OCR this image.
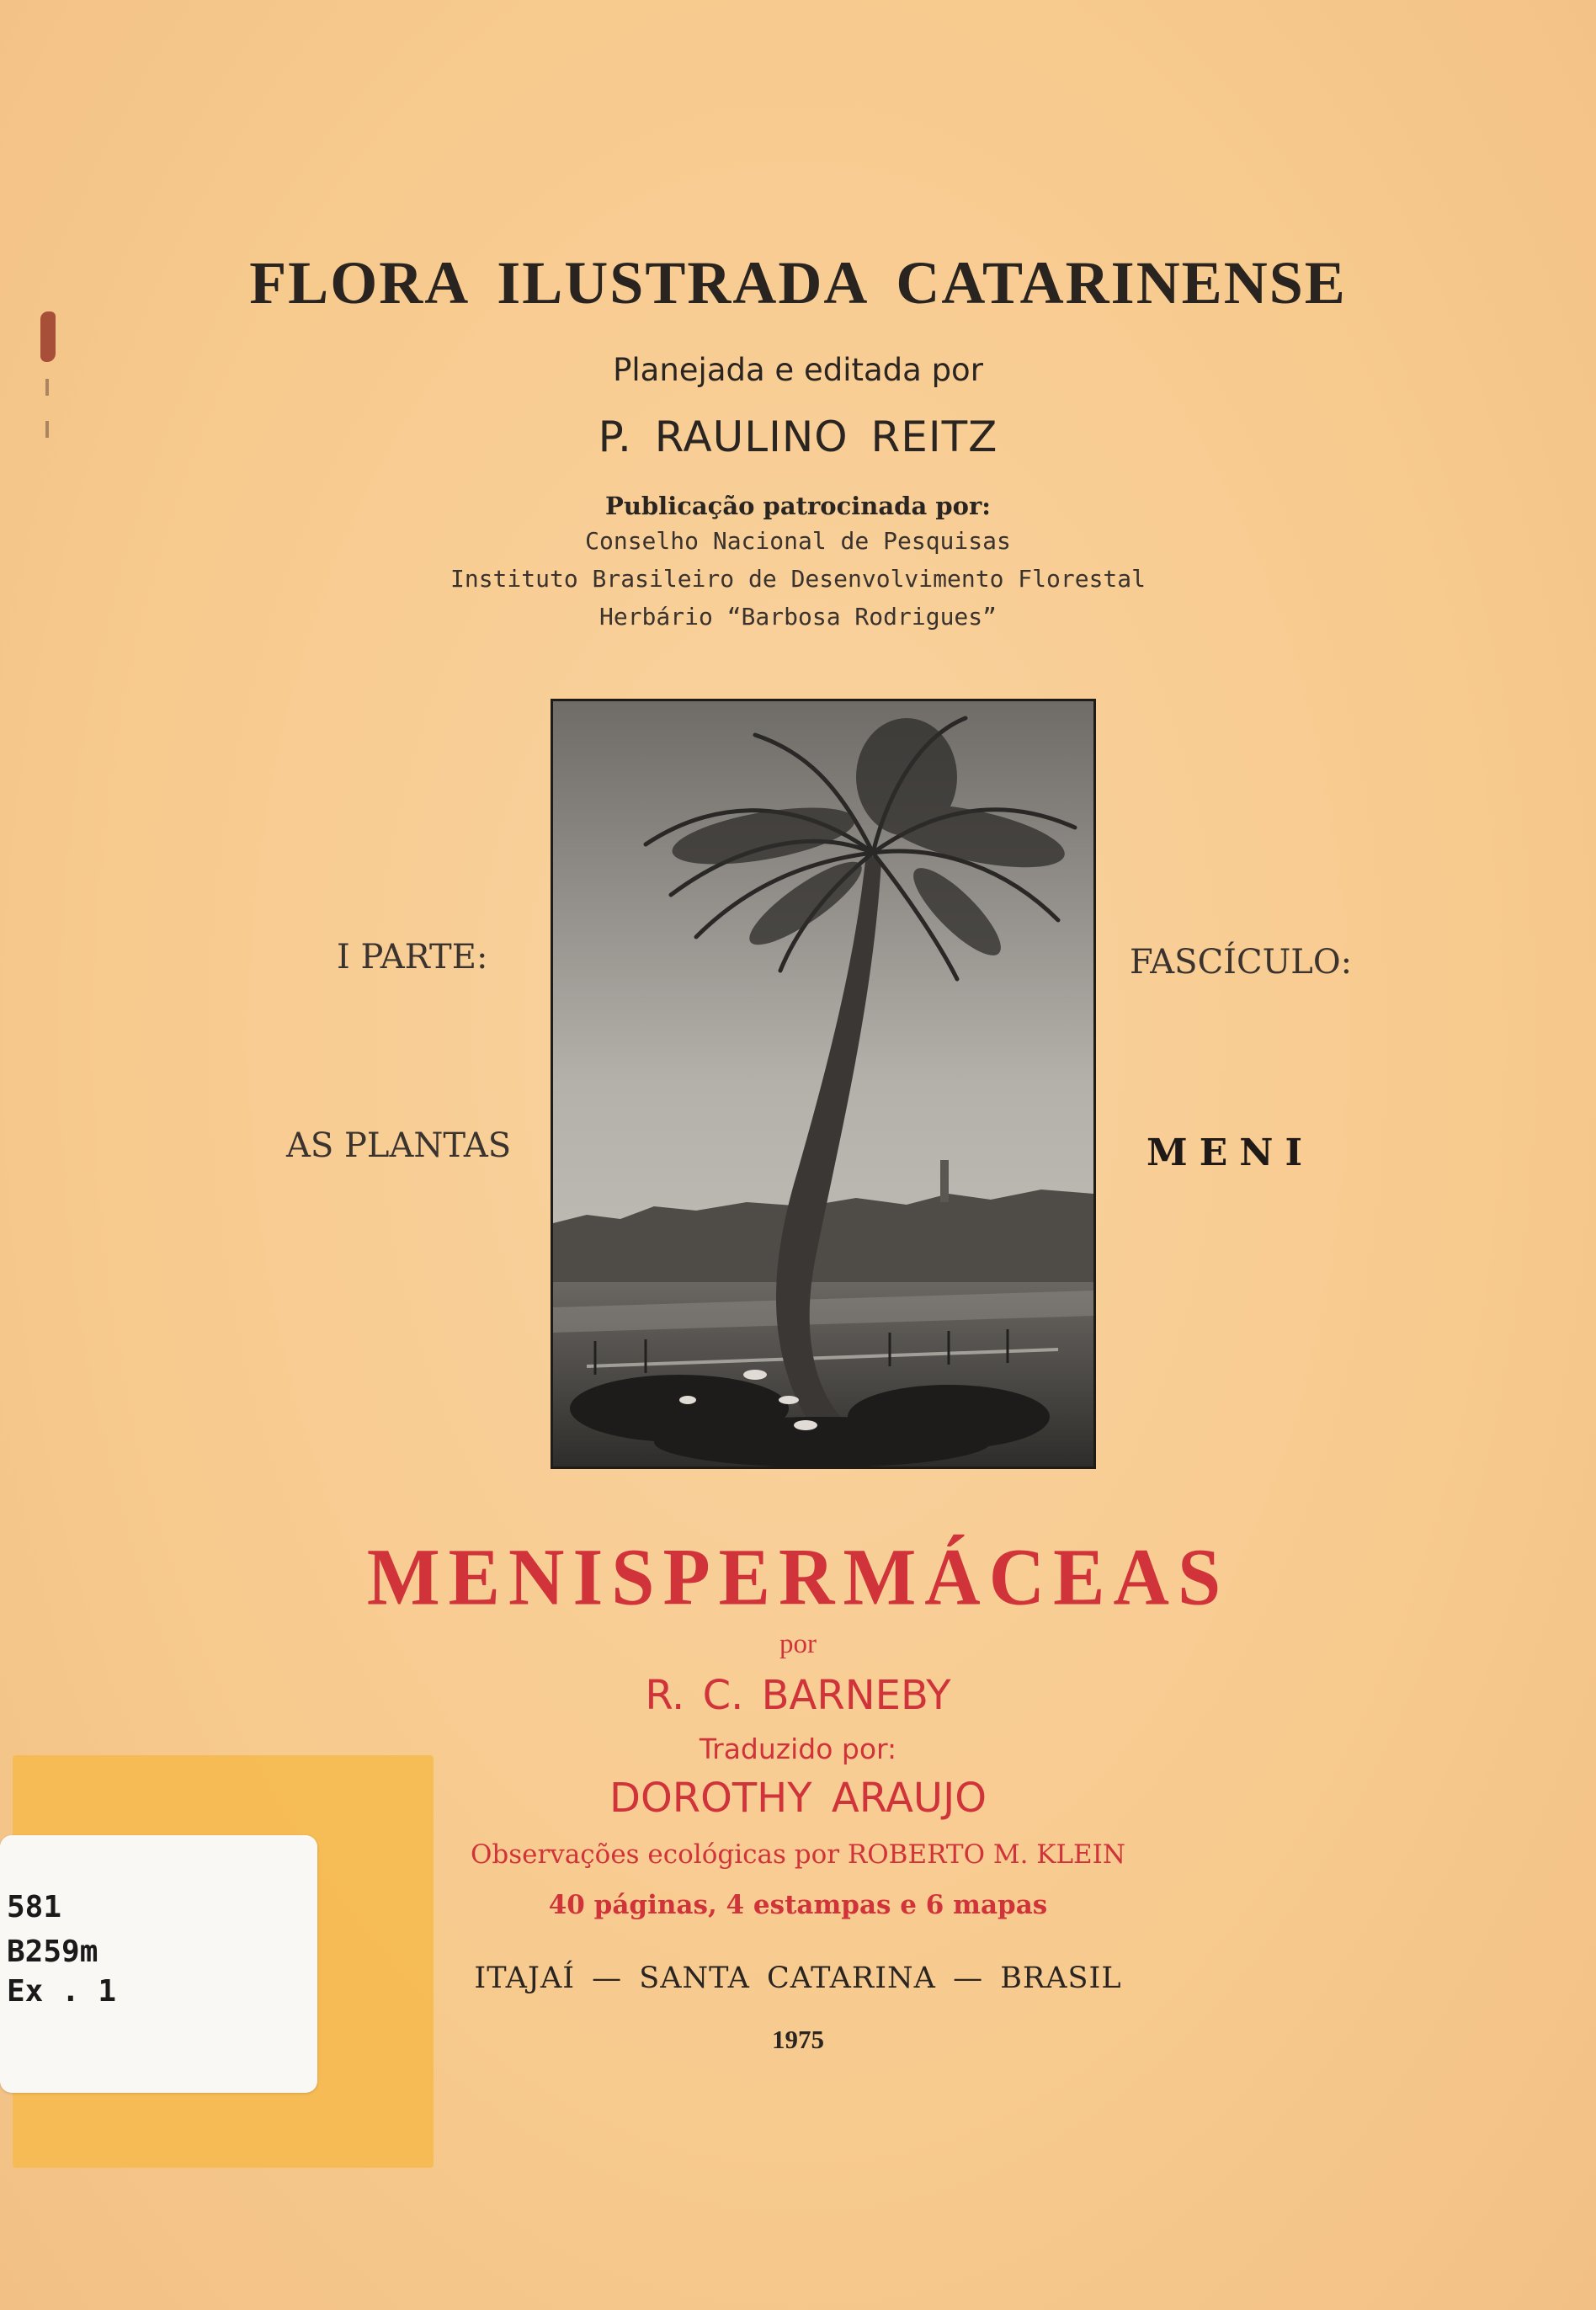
FLORA ILUSTRADA CATARINENSE
Planejada e editada por
P. RAULINO REITZ
Publicação patrocinada por:
Conselho Nacional de Pesquisas
Instituto Brasileiro de Desenvolvimento Florestal
Herbário “Barbosa Rodrigues”
I PARTE:
AS PLANTAS
FASCÍCULO:
MENI
MENISPERMÁCEAS
por
R. C. BARNEBY
Traduzido por:
DOROTHY ARAUJO
Observações ecológicas por ROBERTO M. KLEIN
40 páginas, 4 estampas e 6 mapas
ITAJAÍ — SANTA CATARINA — BRASIL
1975
581
B259m
Ex . 1
